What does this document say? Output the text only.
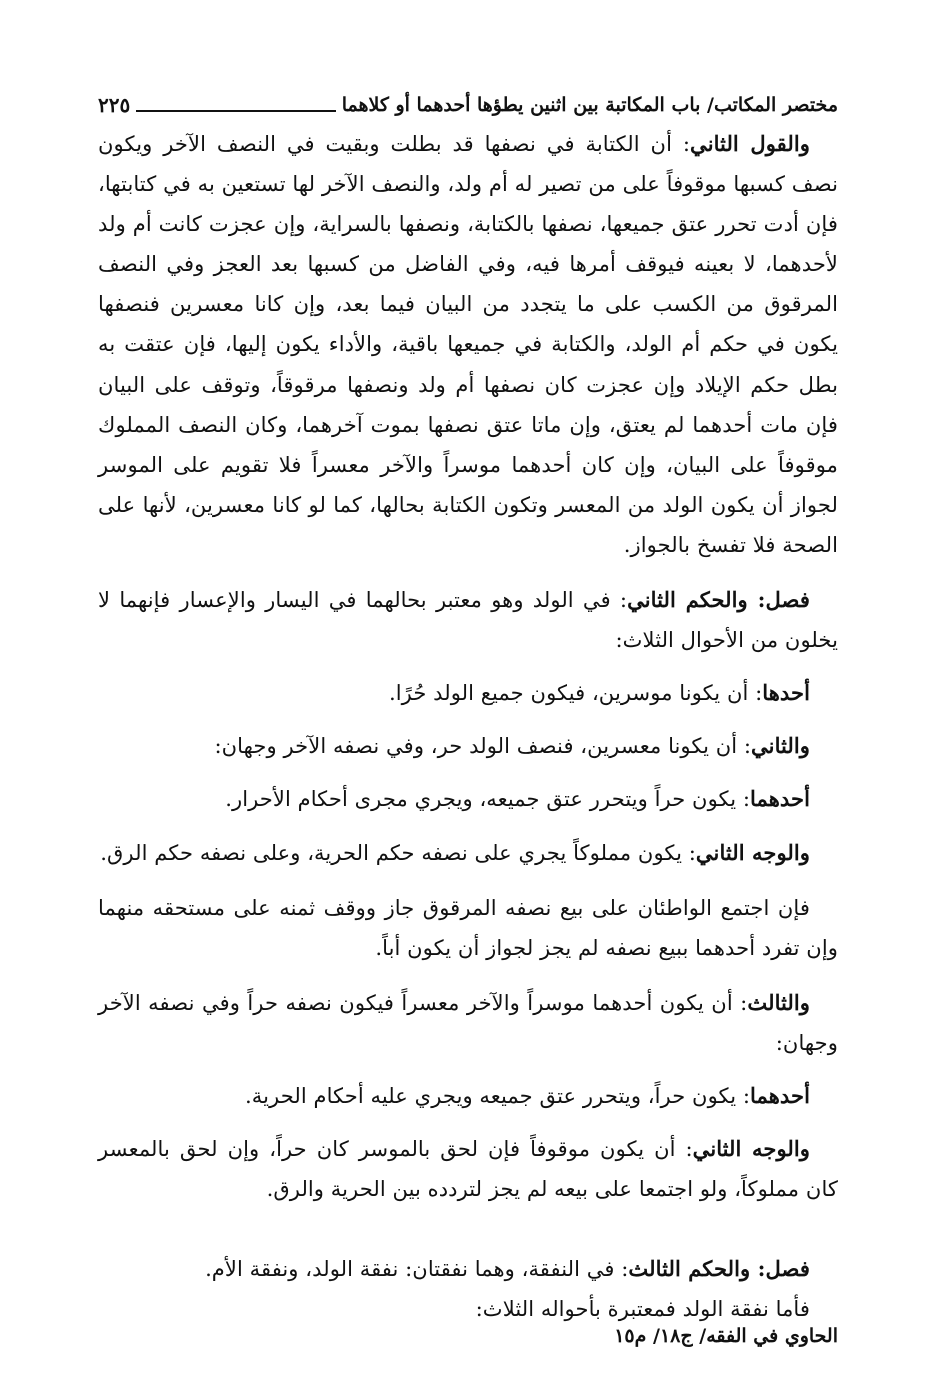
مختصر المكاتب/ باب المكاتبة بين اثنين يطؤها أحدهما أو كلاهما
٢٢٥

والقول الثاني: أن الكتابة في نصفها قد بطلت وبقيت في النصف الآخر ويكون نصف كسبها موقوفاً على من تصير له أم ولد، والنصف الآخر لها تستعين به في كتابتها، فإن أدت تحرر عتق جميعها، نصفها بالكتابة، ونصفها بالسراية، وإن عجزت كانت أم ولد لأحدهما، لا بعينه فيوقف أمرها فيه، وفي الفاضل من كسبها بعد العجز وفي النصف المرقوق من الكسب على ما يتجدد من البيان فيما بعد، وإن كانا معسرين فنصفها يكون في حكم أم الولد، والكتابة في جميعها باقية، والأداء يكون إليها، فإن عتقت به بطل حكم الإيلاد وإن عجزت كان نصفها أم ولد ونصفها مرقوقاً، وتوقف على البيان فإن مات أحدهما لم يعتق، وإن ماتا عتق نصفها بموت آخرهما، وكان النصف المملوك موقوفاً على البيان، وإن كان أحدهما موسراً والآخر معسراً فلا تقويم على الموسر لجواز أن يكون الولد من المعسر وتكون الكتابة بحالها، كما لو كانا معسرين، لأنها على الصحة فلا تفسخ بالجواز.

فصل: والحكم الثاني: في الولد وهو معتبر بحالهما في اليسار والإعسار فإنهما لا يخلون من الأحوال الثلاث:

أحدها: أن يكونا موسرين، فيكون جميع الولد حُرًا.

والثاني: أن يكونا معسرين، فنصف الولد حر، وفي نصفه الآخر وجهان:

أحدهما: يكون حراً ويتحرر عتق جميعه، ويجري مجرى أحكام الأحرار.

والوجه الثاني: يكون مملوكاً يجري على نصفه حكم الحرية، وعلى نصفه حكم الرق.

فإن اجتمع الواطئان على بيع نصفه المرقوق جاز ووقف ثمنه على مستحقه منهما وإن تفرد أحدهما ببيع نصفه لم يجز لجواز أن يكون أباً.

والثالث: أن يكون أحدهما موسراً والآخر معسراً فيكون نصفه حراً وفي نصفه الآخر وجهان:

أحدهما: يكون حراً، ويتحرر عتق جميعه ويجري عليه أحكام الحرية.

والوجه الثاني: أن يكون موقوفاً فإن لحق بالموسر كان حراً، وإن لحق بالمعسر كان مملوكاً، ولو اجتمعا على بيعه لم يجز لتردده بين الحرية والرق.

فصل: والحكم الثالث: في النفقة، وهما نفقتان: نفقة الولد، ونفقة الأم.

فأما نفقة الولد فمعتبرة بأحواله الثلاث:

الحاوي في الفقه/ ج١٨/ م١٥
